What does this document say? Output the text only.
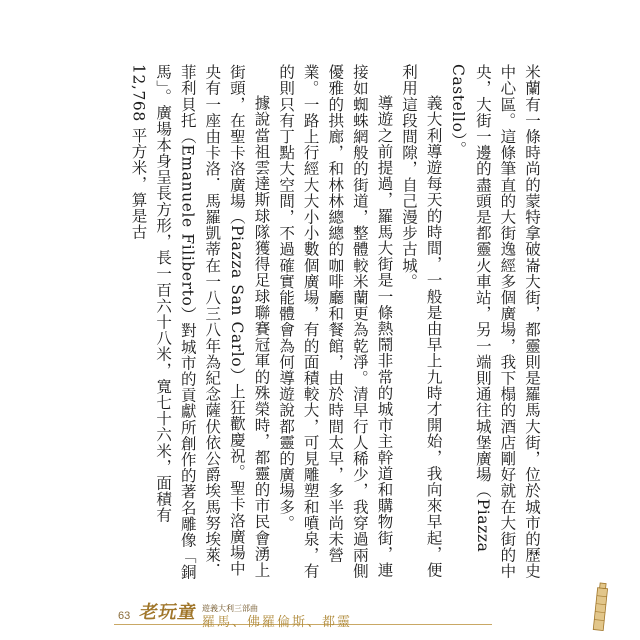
米蘭有一條時尚的蒙特拿破崙大街，都靈則是羅馬大街，位於城市的歷史中心區。這條筆直的大街逸經多個廣場，我下榻的酒店剛好就在大街的中央，大街一邊的盡頭是都靈火車站，另一端則通往城堡廣場（Piazza Castello）。

義大利導遊每天的時間，一般是由早上九時才開始，我向來早起，便利用這段間隙，自己漫步古城。

導遊之前提過，羅馬大街是一條熱鬧非常的城市主幹道和購物街，連接如蜘蛛網般的街道，整體較米蘭更為乾淨。清早行人稀少，我穿過兩側優雅的拱廊，和林林總總的咖啡廳和餐館，由於時間太早，多半尚未營業。一路上行經大大小小數個廣場，有的面積較大，可見雕塑和噴泉，有的則只有丁點大空間，不過確實能體會為何導遊說都靈的廣場多。

據說當祖雲達斯球隊獲得足球聯賽冠軍的殊榮時，都靈的市民會湧上街頭，在聖卡洛廣場（Piazza San Carlo）上狂歡慶祝。聖卡洛廣場中央有一座由卡洛．馬羅凱蒂在一八三八年為紀念薩伏依公爵埃馬努埃萊．菲利貝托（Emanuele Filiberto）對城市的貢獻所創作的著名雕像「銅馬」。廣場本身呈長方形，長一百六十八米，寬七十六米，面積有 12,768 平方米，算是古

63 老玩童 遊義大利三部曲
羅馬、佛羅倫斯、都靈
